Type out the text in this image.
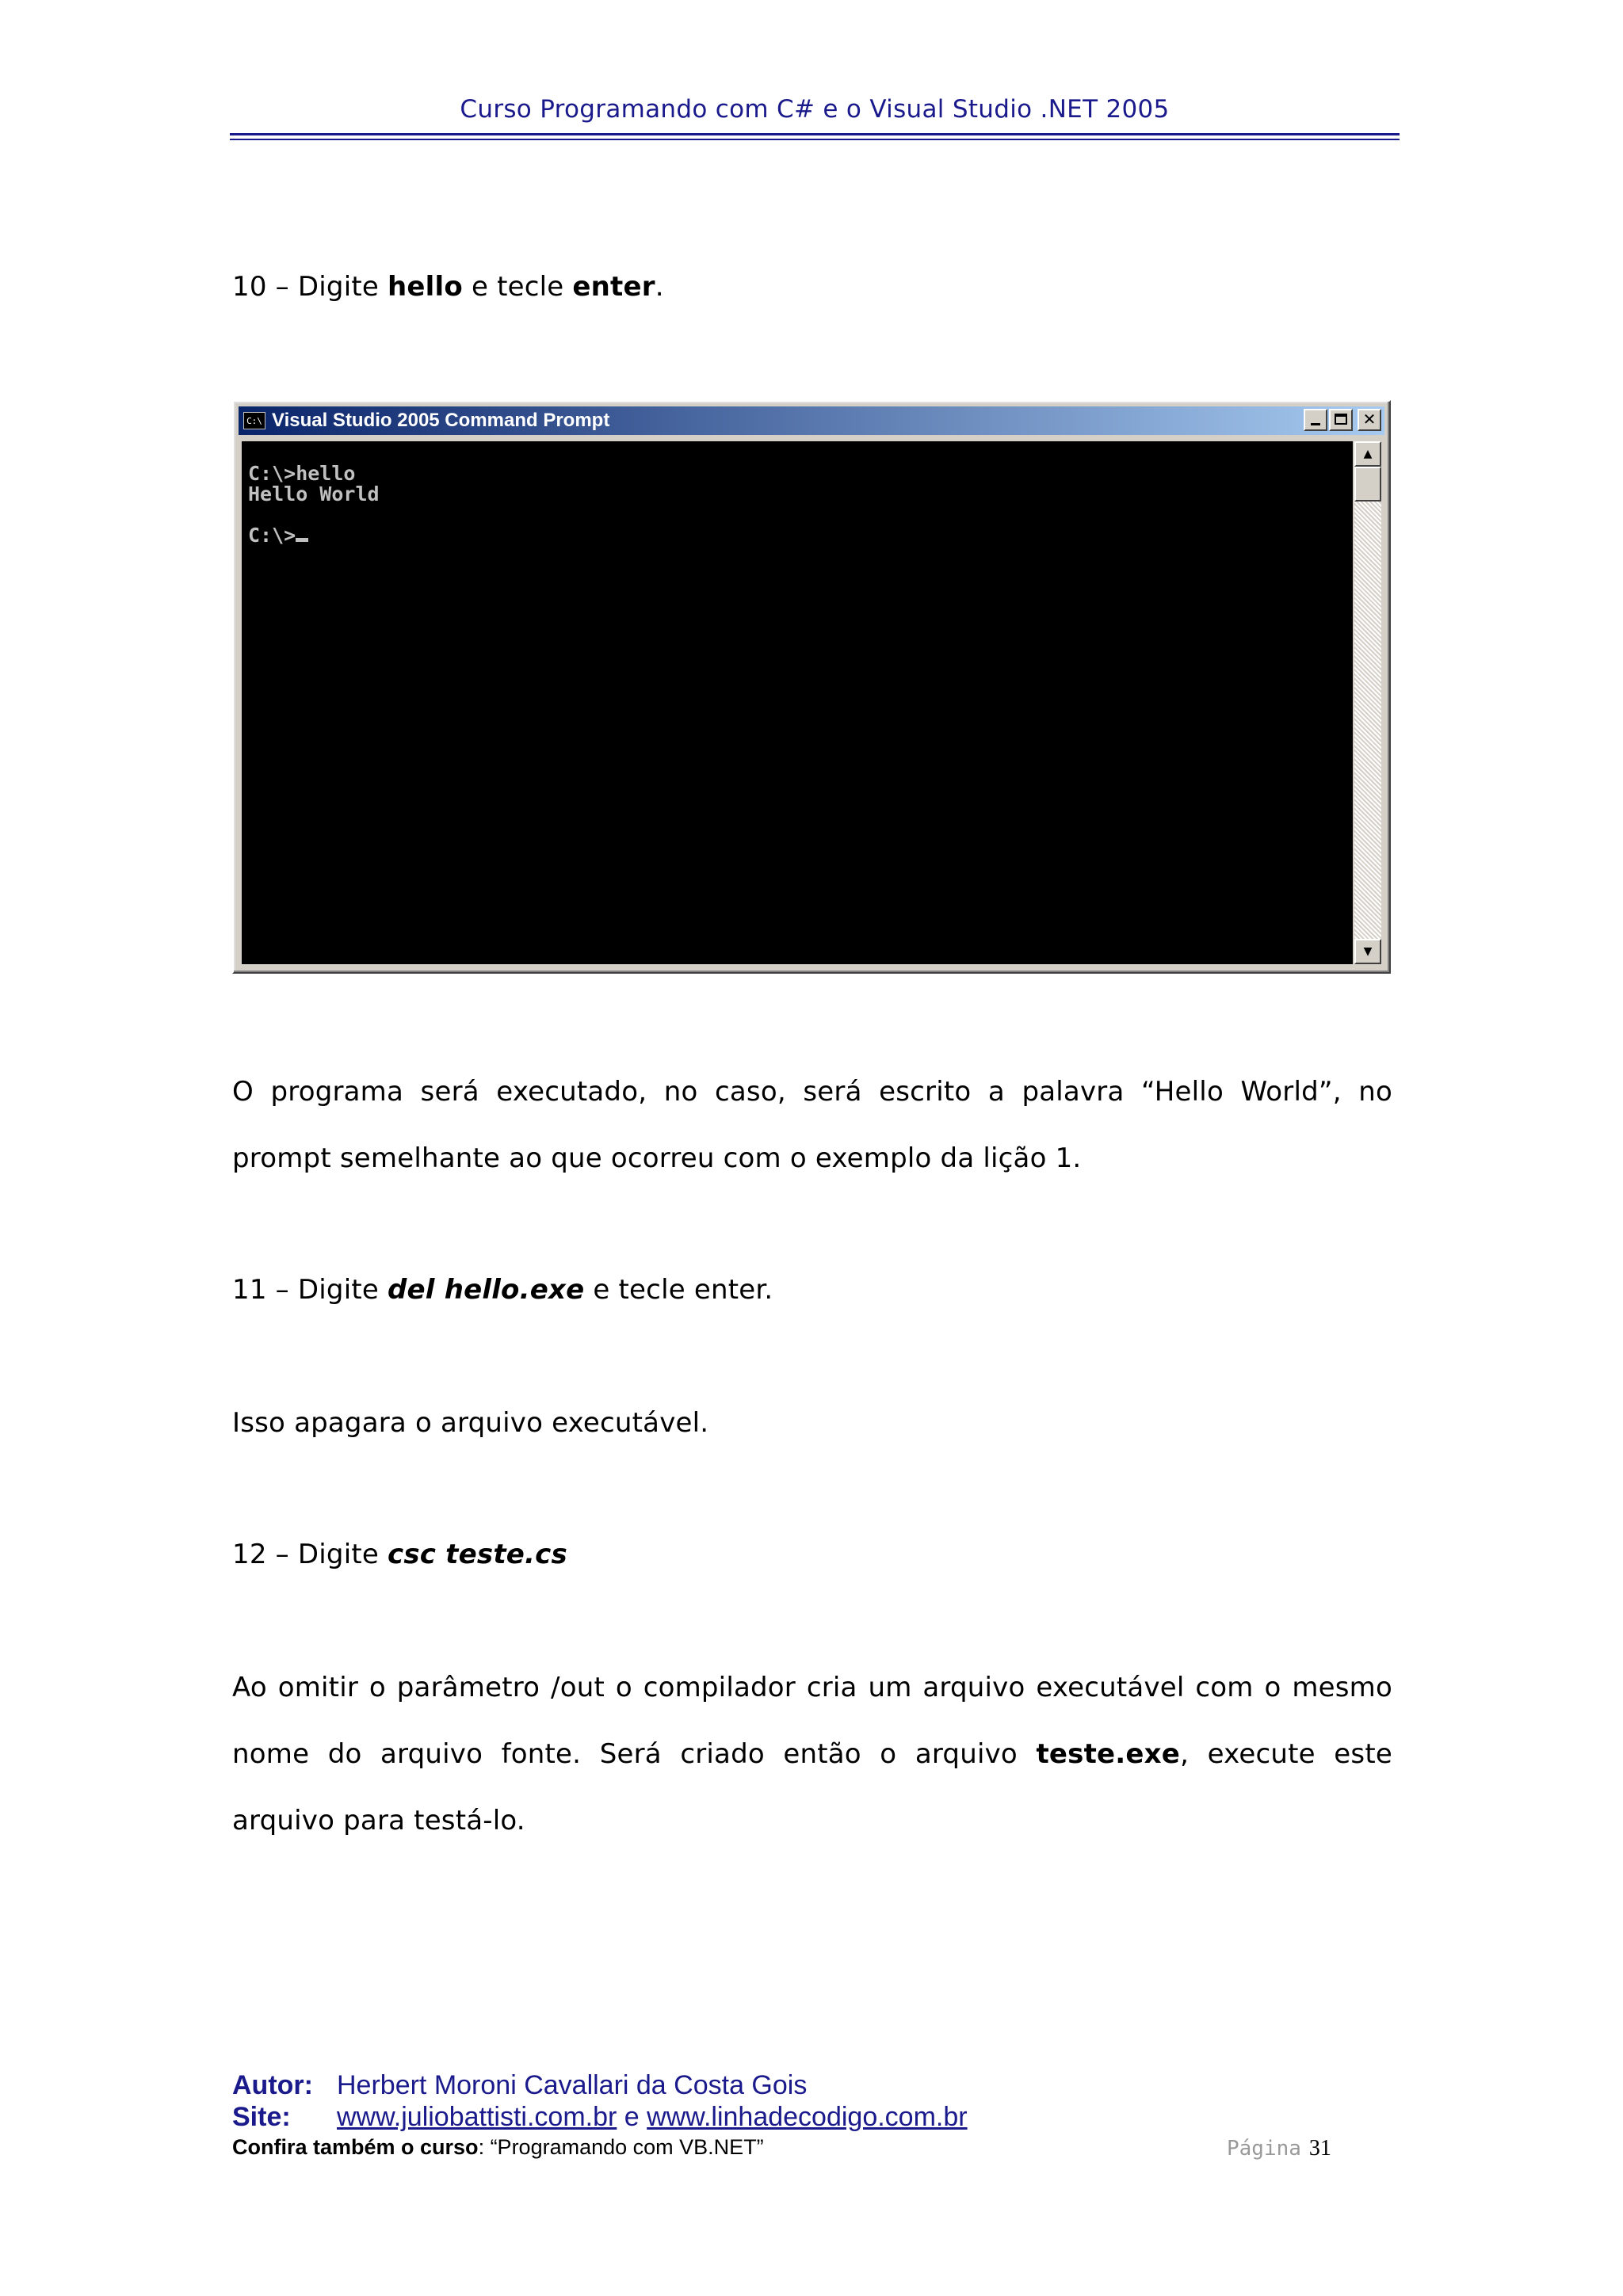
Curso Programando com C# e o Visual Studio .NET 2005
10 – Digite hello e tecle enter.
C:\ Visual Studio 2005 Command Prompt	✕
C:\>hello
Hello World

C:\>
▲
▼
O programa será executado, no caso, será escrito a palavra “Hello World”, no
prompt semelhante ao que ocorreu com o exemplo da lição 1.
11 – Digite del hello.exe e tecle enter.
Isso apagara o arquivo executável.
12 – Digite csc teste.cs
Ao omitir o parâmetro /out o compilador cria um arquivo executável com o mesmo
nome do arquivo fonte. Será criado então o arquivo teste.exe, execute este
arquivo para testá-lo.
Autor: Herbert Moroni Cavallari da Costa Gois
Site:	www.juliobattisti.com.br e www.linhadecodigo.com.br
Confira também o curso: “Programando com VB.NET”	Página 31
